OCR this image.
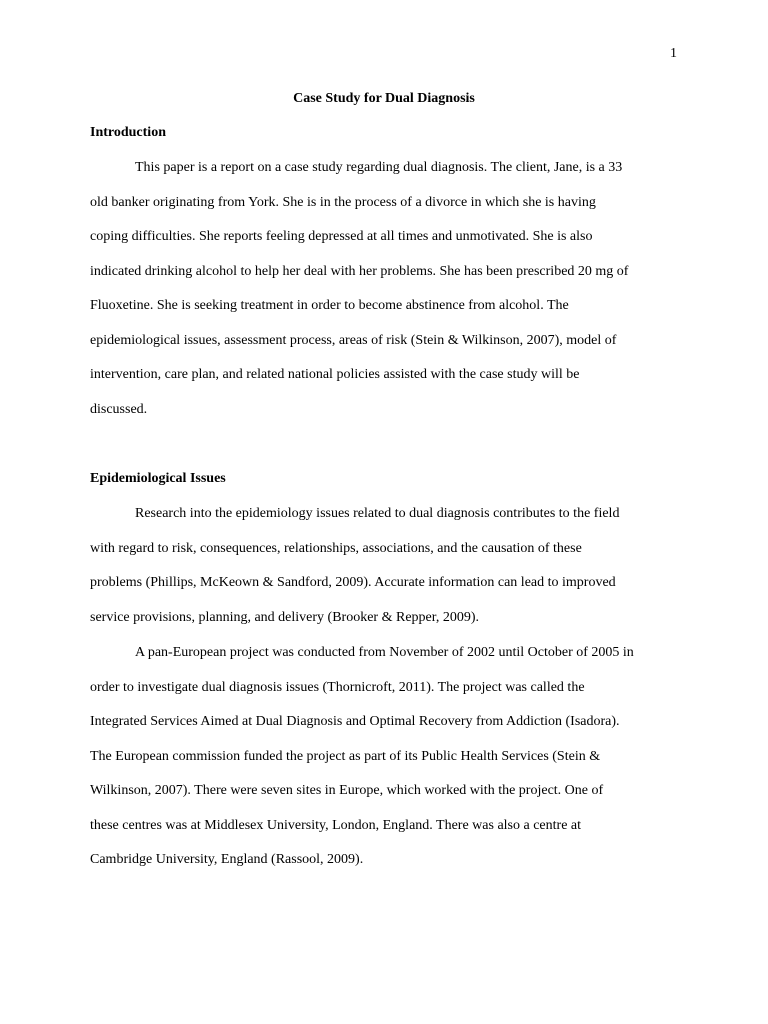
1
Case Study for Dual Diagnosis
Introduction
This paper is a report on a case study regarding dual diagnosis. The client, Jane, is a 33
old banker originating from York. She is in the process of a divorce in which she is having
coping difficulties. She reports feeling depressed at all times and unmotivated. She is also
indicated drinking alcohol to help her deal with her problems. She has been prescribed 20 mg of
Fluoxetine. She is seeking treatment in order to become abstinence from alcohol. The
epidemiological issues, assessment process, areas of risk (Stein & Wilkinson, 2007), model of
intervention, care plan, and related national policies assisted with the case study will be
discussed.
Epidemiological Issues
Research into the epidemiology issues related to dual diagnosis contributes to the field
with regard to risk, consequences, relationships, associations, and the causation of these
problems (Phillips, McKeown & Sandford, 2009). Accurate information can lead to improved
service provisions, planning, and delivery (Brooker & Repper, 2009).
A pan-European project was conducted from November of 2002 until October of 2005 in
order to investigate dual diagnosis issues (Thornicroft, 2011). The project was called the
Integrated Services Aimed at Dual Diagnosis and Optimal Recovery from Addiction (Isadora).
The European commission funded the project as part of its Public Health Services (Stein &
Wilkinson, 2007). There were seven sites in Europe, which worked with the project. One of
these centres was at Middlesex University, London, England. There was also a centre at
Cambridge University, England (Rassool, 2009).
